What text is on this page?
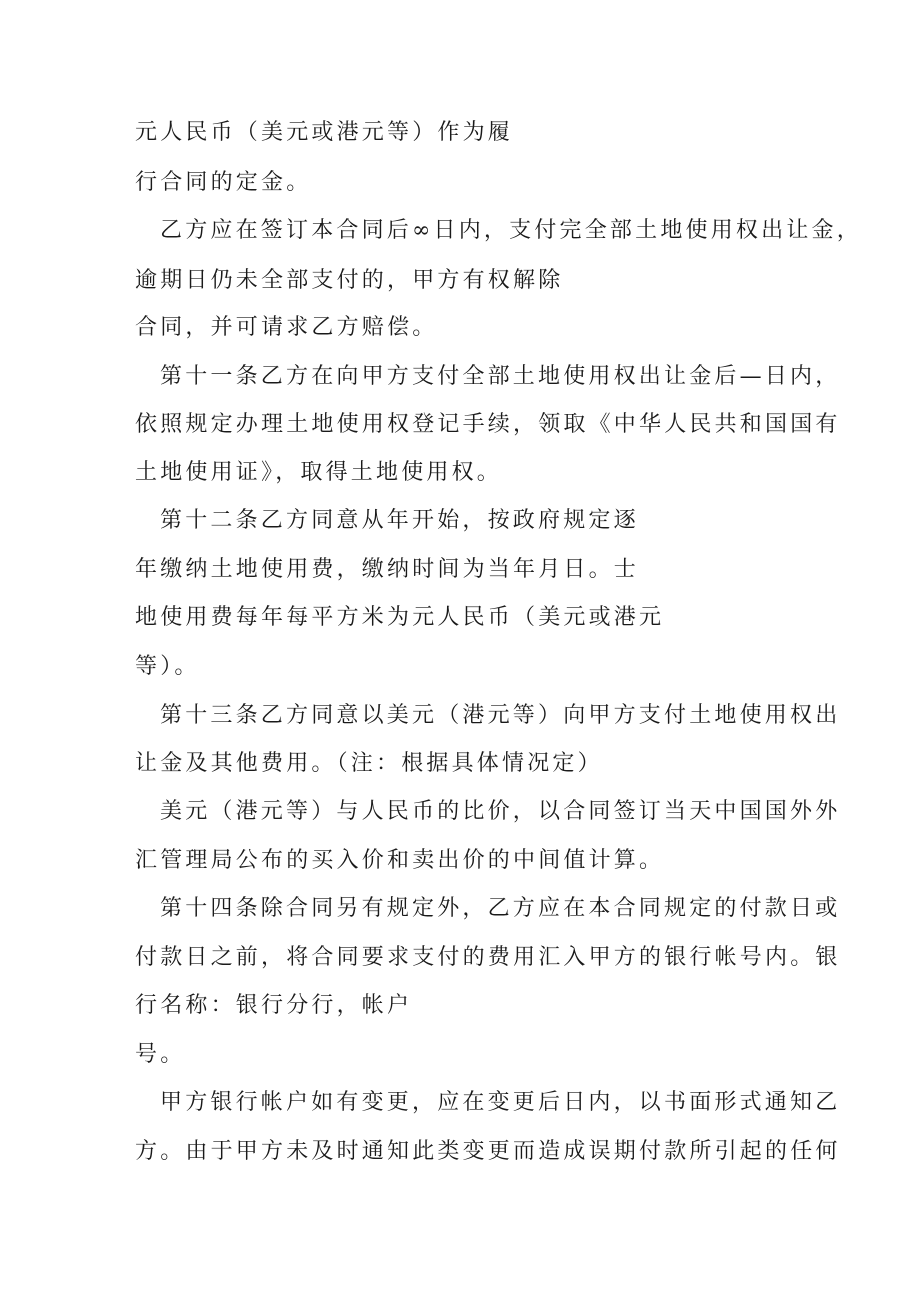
元人民币（美元或港元等）作为履
行合同的定金。
乙方应在签订本合同后∞日内，支付完全部土地使用权出让金，
逾期日仍未全部支付的，甲方有权解除
合同，并可请求乙方赔偿。
第十一条乙方在向甲方支付全部土地使用权出让金后—日内，
依照规定办理土地使用权登记手续，领取《中华人民共和国国有
土地使用证》，取得土地使用权。
第十二条乙方同意从年开始，按政府规定逐
年缴纳土地使用费，缴纳时间为当年月日。士
地使用费每年每平方米为元人民币（美元或港元
等）。
第十三条乙方同意以美元（港元等）向甲方支付土地使用权出
让金及其他费用。（注：根据具体情况定）
美元（港元等）与人民币的比价，以合同签订当天中国国外外
汇管理局公布的买入价和卖出价的中间值计算。
第十四条除合同另有规定外，乙方应在本合同规定的付款日或
付款日之前，将合同要求支付的费用汇入甲方的银行帐号内。银
行名称：银行分行，帐户
号。
甲方银行帐户如有变更，应在变更后日内，以书面形式通知乙
方。由于甲方未及时通知此类变更而造成误期付款所引起的任何
